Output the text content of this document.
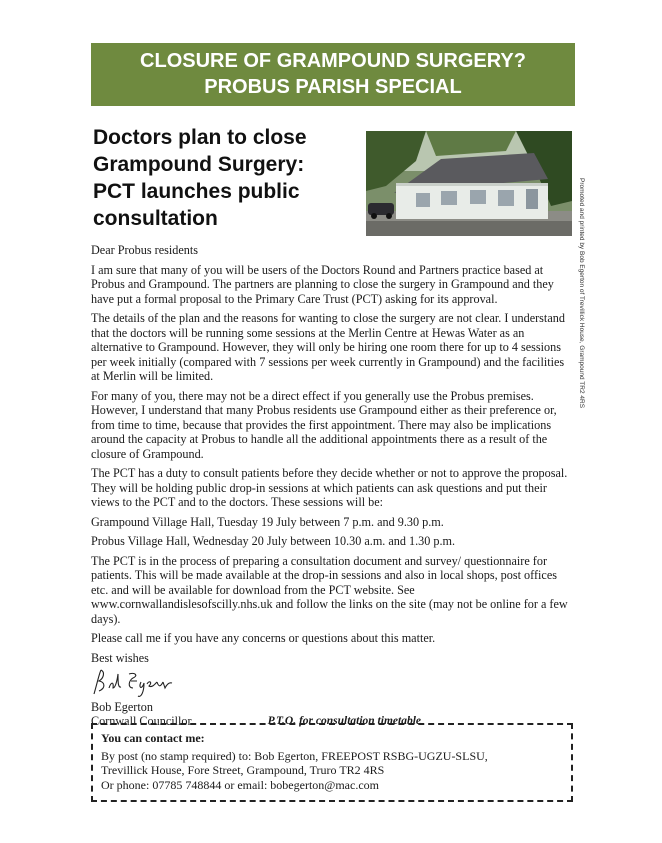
CLOSURE OF GRAMPOUND SURGERY?
PROBUS PARISH SPECIAL
Doctors plan to close
Grampound Surgery:
PCT launches public
consultation	Promoted and printed by Bob Egerton of Trevillick House, Grampound TR2 4RS

Dear Probus residents

I am sure that many of you will be users of the Doctors Round and Partners practice based at Probus and Grampound. The partners are planning to close the surgery in Grampound and they have put a formal proposal to the Primary Care Trust (PCT) asking for its approval.

The details of the plan and the reasons for wanting to close the surgery are not clear. I understand that the doctors will be running some sessions at the Merlin Centre at Hewas Water as an alternative to Grampound. However, they will only be hiring one room there for up to 4 sessions per week initially (compared with 7 sessions per week currently in Grampound) and the facilities at Merlin will be limited.

For many of you, there may not be a direct effect if you generally use the Probus premises. However, I understand that many Probus residents use Grampound either as their preference or, from time to time, because that provides the first appointment. There may also be implications around the capacity at Probus to handle all the additional appointments there as a result of the closure of Grampound.

The PCT has a duty to consult patients before they decide whether or not to approve the proposal. They will be holding public drop-in sessions at which patients can ask questions and put their views to the PCT and to the doctors. These sessions will be:

Grampound Village Hall, Tuesday 19 July between 7 p.m. and 9.30 p.m.

Probus Village Hall, Wednesday 20 July between 10.30 a.m. and 1.30 p.m.

The PCT is in the process of preparing a consultation document and survey/ questionnaire for patients. This will be made available at the drop-in sessions and also in local shops, post offices etc. and will be available for download from the PCT website. See www.cornwallandislesofscilly.nhs.uk and follow the links on the site (may not be online for a few days).

Please call me if you have any concerns or questions about this matter.

Best wishes
Bob Egerton
Cornwall Councillor	P.T.O. for consultation timetable
You can contact me:
By post (no stamp required) to: Bob Egerton, FREEPOST RSBG-UGZU-SLSU,
Trevillick House, Fore Street, Grampound, Truro TR2 4RS
Or phone: 07785 748844 or email: bobegerton@mac.com
